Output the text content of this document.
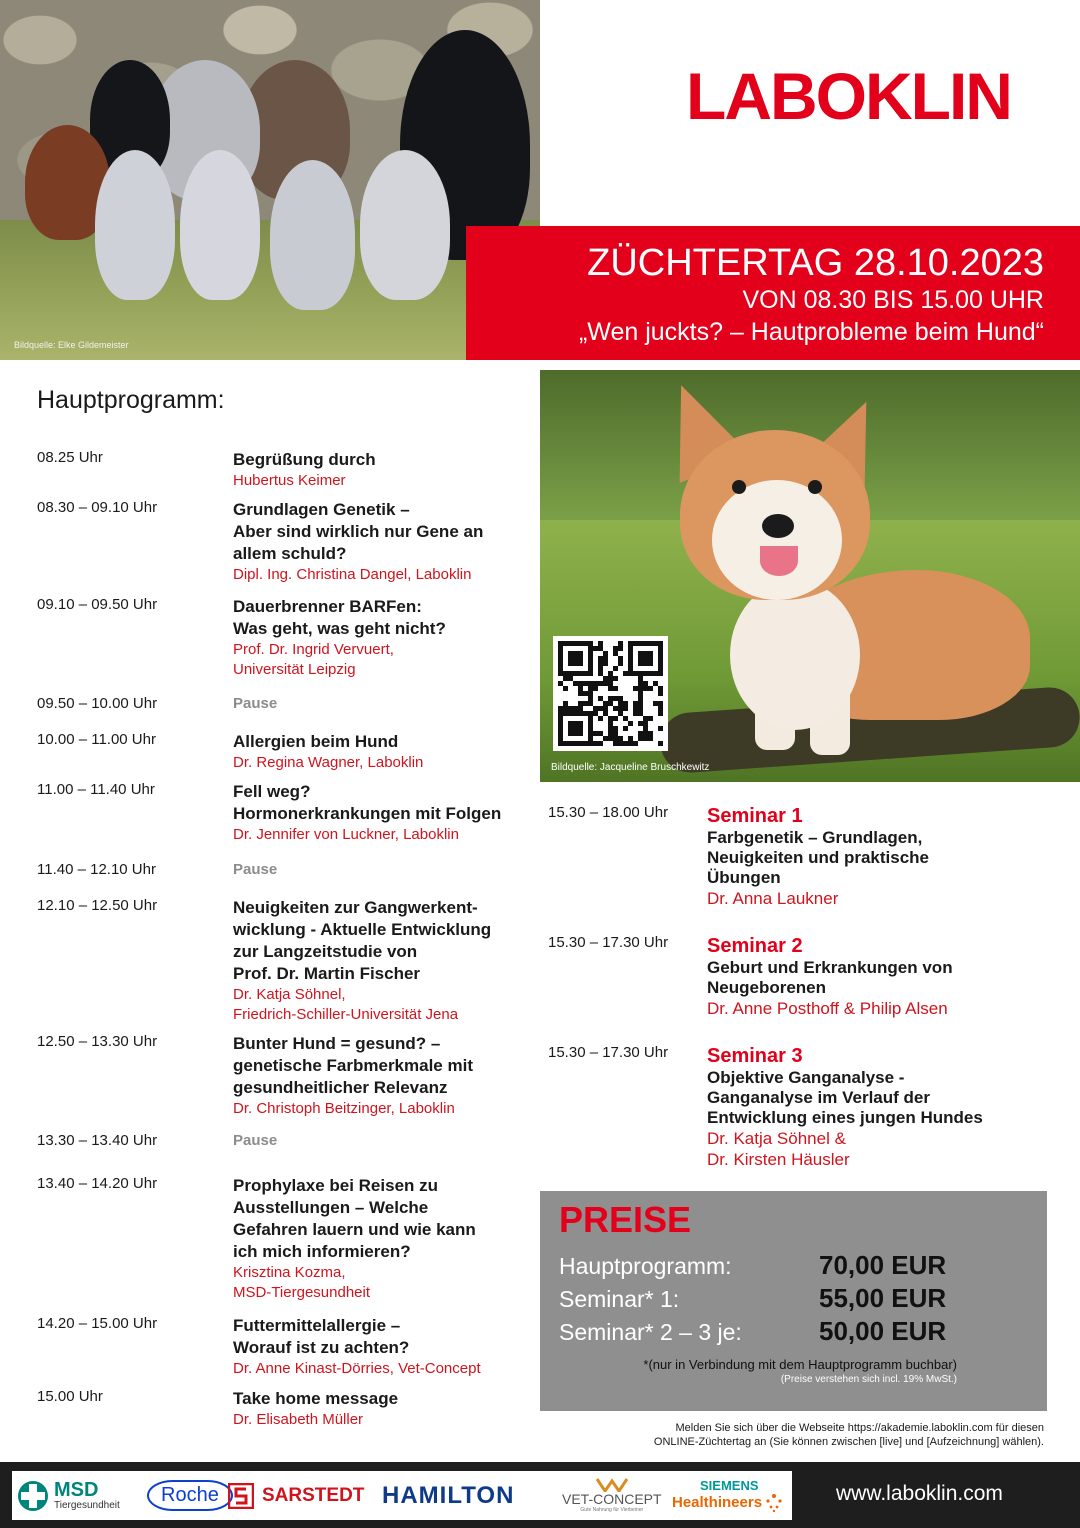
Bildquelle: Elke Gildemeister
LABOKLIN
ZÜCHTERTAG 28.10.2023
VON 08.30 BIS 15.00 UHR
„Wen juckts? – Hautprobleme beim Hund“
Bildquelle: Jacqueline Bruschkewitz
Hauptprogramm:
08.25 Uhr	Begrüßung durch
Hubertus Keimer
08.30 – 09.10 Uhr	Grundlagen Genetik –
Aber sind wirklich nur Gene an
allem schuld?
Dipl. Ing. Christina Dangel, Laboklin
09.10 – 09.50 Uhr	Dauerbrenner BARFen:
Was geht, was geht nicht?
Prof. Dr. Ingrid Vervuert,
Universität Leipzig
09.50 – 10.00 Uhr	Pause
10.00 – 11.00 Uhr	Allergien beim Hund
Dr. Regina Wagner, Laboklin
11.00 – 11.40 Uhr	Fell weg?
Hormonerkrankungen mit Folgen
Dr. Jennifer von Luckner, Laboklin
11.40 – 12.10 Uhr	Pause
12.10 – 12.50 Uhr	Neuigkeiten zur Gangwerkent-
wicklung - Aktuelle Entwicklung
zur Langzeitstudie von
Prof. Dr. Martin Fischer
Dr. Katja Söhnel,
Friedrich-Schiller-Universität Jena
12.50 – 13.30 Uhr	Bunter Hund = gesund? –
genetische Farbmerkmale mit
gesundheitlicher Relevanz
Dr. Christoph Beitzinger, Laboklin
13.30 – 13.40 Uhr	Pause
13.40 – 14.20 Uhr	Prophylaxe bei Reisen zu
Ausstellungen – Welche
Gefahren lauern und wie kann
ich mich informieren?
Krisztina Kozma,
MSD-Tiergesundheit
14.20 – 15.00 Uhr	Futtermittelallergie –
Worauf ist zu achten?
Dr. Anne Kinast-Dörries, Vet-Concept
15.00 Uhr	Take home message
Dr. Elisabeth Müller
15.30 – 18.00 Uhr Seminar 1
Farbgenetik – Grundlagen,
Neuigkeiten und praktische
Übungen
Dr. Anna Laukner
15.30 – 17.30 Uhr Seminar 2
Geburt und Erkrankungen von
Neugeborenen
Dr. Anne Posthoff & Philip Alsen
15.30 – 17.30 Uhr Seminar 3
Objektive Ganganalyse -
Ganganalyse im Verlauf der
Entwicklung eines jungen Hundes
Dr. Katja Söhnel &
Dr. Kirsten Häusler
PREISE
Hauptprogramm:	70,00 EUR
Seminar* 1:	55,00 EUR
Seminar* 2 – 3 je:	50,00 EUR
*(nur in Verbindung mit dem Hauptprogramm buchbar)
(Preise verstehen sich incl. 19% MwSt.)
Melden Sie sich über die Webseite https://akademie.laboklin.com für diesen
ONLINE-Züchtertag an (Sie können zwischen [live] und [Aufzeichnung] wählen).
MSD
Tiergesundheit	Roche	SARSTEDT HAMILTON	VET-CONCEPT
Gute Nahrung für Vierbeiner
SIEMENS
Healthineers	www.laboklin.com
